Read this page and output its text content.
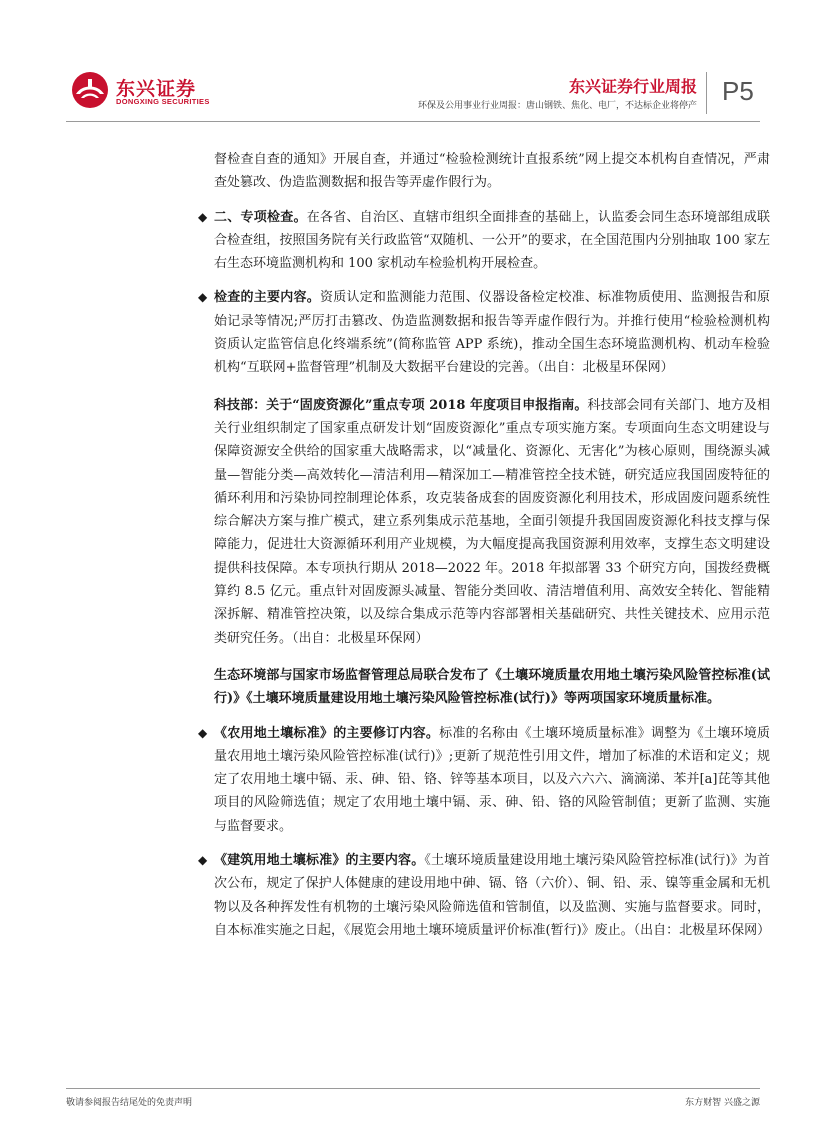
东兴证券
DONGXING SECURITIES
东兴证券行业周报
环保及公用事业行业周报：唐山钢铁、焦化、电厂，不达标企业将停产 P5

督检查自查的通知》开展自查，并通过“检验检测统计直报系统”网上提交本机构自查情况，严肃查处篡改、伪造监测数据和报告等弄虚作假行为。

◆ 二、专项检查。在各省、自治区、直辖市组织全面排查的基础上，认监委会同生态环境部组成联合检查组，按照国务院有关行政监管“双随机、一公开”的要求，在全国范围内分别抽取 100 家左右生态环境监测机构和 100 家机动车检验机构开展检查。

◆ 检查的主要内容。资质认定和监测能力范围、仪器设备检定校准、标准物质使用、监测报告和原始记录等情况;严厉打击篡改、伪造监测数据和报告等弄虚作假行为。并推行使用“检验检测机构资质认定监管信息化终端系统”(简称监管 APP 系统)，推动全国生态环境监测机构、机动车检验机构“互联网+监督管理”机制及大数据平台建设的完善。（出自：北极星环保网）

科技部：关于“固废资源化”重点专项 2018 年度项目申报指南。科技部会同有关部门、地方及相关行业组织制定了国家重点研发计划“固废资源化”重点专项实施方案。专项面向生态文明建设与保障资源安全供给的国家重大战略需求，以“减量化、资源化、无害化”为核心原则，围绕源头减量—智能分类—高效转化—清洁利用—精深加工—精准管控全技术链，研究适应我国固废特征的循环利用和污染协同控制理论体系，攻克装备成套的固废资源化利用技术，形成固废问题系统性综合解决方案与推广模式，建立系列集成示范基地，全面引领提升我国固废资源化科技支撑与保障能力，促进壮大资源循环利用产业规模，为大幅度提高我国资源利用效率，支撑生态文明建设提供科技保障。本专项执行期从 2018—2022 年。2018 年拟部署 33 个研究方向，国拨经费概算约 8.5 亿元。重点针对固废源头减量、智能分类回收、清洁增值利用、高效安全转化、智能精深拆解、精准管控决策，以及综合集成示范等内容部署相关基础研究、共性关键技术、应用示范类研究任务。（出自：北极星环保网）

生态环境部与国家市场监督管理总局联合发布了《土壤环境质量农用地土壤污染风险管控标准(试行)》《土壤环境质量建设用地土壤污染风险管控标准(试行)》等两项国家环境质量标准。

◆ 《农用地土壤标准》的主要修订内容。标准的名称由《土壤环境质量标准》调整为《土壤环境质量农用地土壤污染风险管控标准(试行)》;更新了规范性引用文件，增加了标准的术语和定义；规定了农用地土壤中镉、汞、砷、铅、铬、锌等基本项目，以及六六六、滴滴涕、苯并[a]芘等其他项目的风险筛选值；规定了农用地土壤中镉、汞、砷、铅、铬的风险管制值；更新了监测、实施与监督要求。

◆ 《建筑用地土壤标准》的主要内容。《土壤环境质量建设用地土壤污染风险管控标准(试行)》为首次公布，规定了保护人体健康的建设用地中砷、镉、铬（六价）、铜、铅、汞、镍等重金属和无机物以及各种挥发性有机物的土壤污染风险筛选值和管制值，以及监测、实施与监督要求。同时，自本标准实施之日起，《展览会用地土壤环境质量评价标准(暂行)》废止。（出自：北极星环保网）

敬请参阅报告结尾处的免责声明	东方财智 兴盛之源
